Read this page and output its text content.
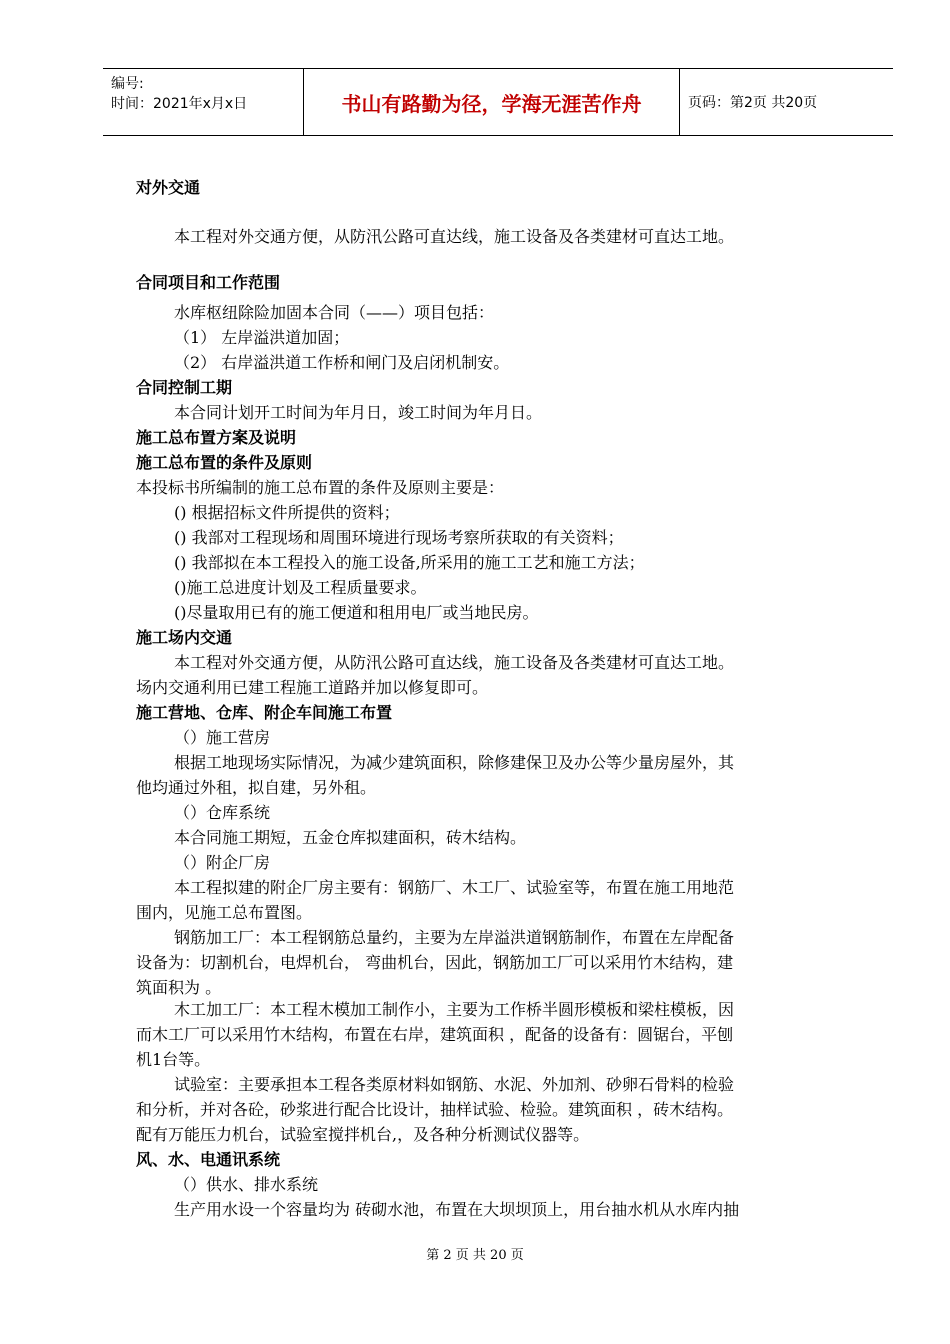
编号:
时间：2021年x月x日	书山有路勤为径，学海无涯苦作舟	页码：第2页 共20页
对外交通
本工程对外交通方便，从防汛公路可直达线，施工设备及各类建材可直达工地。
合同项目和工作范围
水库枢纽除险加固本合同（——）项目包括：
（1） 左岸溢洪道加固；
（2） 右岸溢洪道工作桥和闸门及启闭机制安。
合同控制工期
本合同计划开工时间为年月日，竣工时间为年月日。
施工总布置方案及说明
施工总布置的条件及原则
本投标书所编制的施工总布置的条件及原则主要是：
() 根据招标文件所提供的资料；
() 我部对工程现场和周围环境进行现场考察所获取的有关资料；
() 我部拟在本工程投入的施工设备,所采用的施工工艺和施工方法；
()施工总进度计划及工程质量要求。
()尽量取用已有的施工便道和租用电厂或当地民房。
施工场内交通
本工程对外交通方便，从防汛公路可直达线，施工设备及各类建材可直达工地。
场内交通利用已建工程施工道路并加以修复即可。
施工营地、仓库、附企车间施工布置
（）施工营房
根据工地现场实际情况，为减少建筑面积，除修建保卫及办公等少量房屋外，其
他均通过外租，拟自建，另外租。
（）仓库系统
本合同施工期短，五金仓库拟建面积，砖木结构。
（）附企厂房
本工程拟建的附企厂房主要有：钢筋厂、木工厂、试验室等，布置在施工用地范
围内，见施工总布置图。
钢筋加工厂：本工程钢筋总量约，主要为左岸溢洪道钢筋制作，布置在左岸配备
设备为：切割机台，电焊机台， 弯曲机台，因此，钢筋加工厂可以采用竹木结构，建
筑面积为 。
木工加工厂：本工程木模加工制作小，主要为工作桥半圆形模板和梁柱模板，因
而木工厂可以采用竹木结构，布置在右岸，建筑面积 ，配备的设备有：圆锯台，平刨
机1台等。
试验室：主要承担本工程各类原材料如钢筋、水泥、外加剂、砂卵石骨料的检验
和分析，并对各砼，砂浆进行配合比设计，抽样试验、检验。建筑面积 ，砖木结构。
配有万能压力机台，试验室搅拌机台,，及各种分析测试仪器等。
风、水、电通讯系统
（）供水、排水系统
生产用水设一个容量均为 砖砌水池，布置在大坝坝顶上，用台抽水机从水库内抽
第 2 页 共 20 页
